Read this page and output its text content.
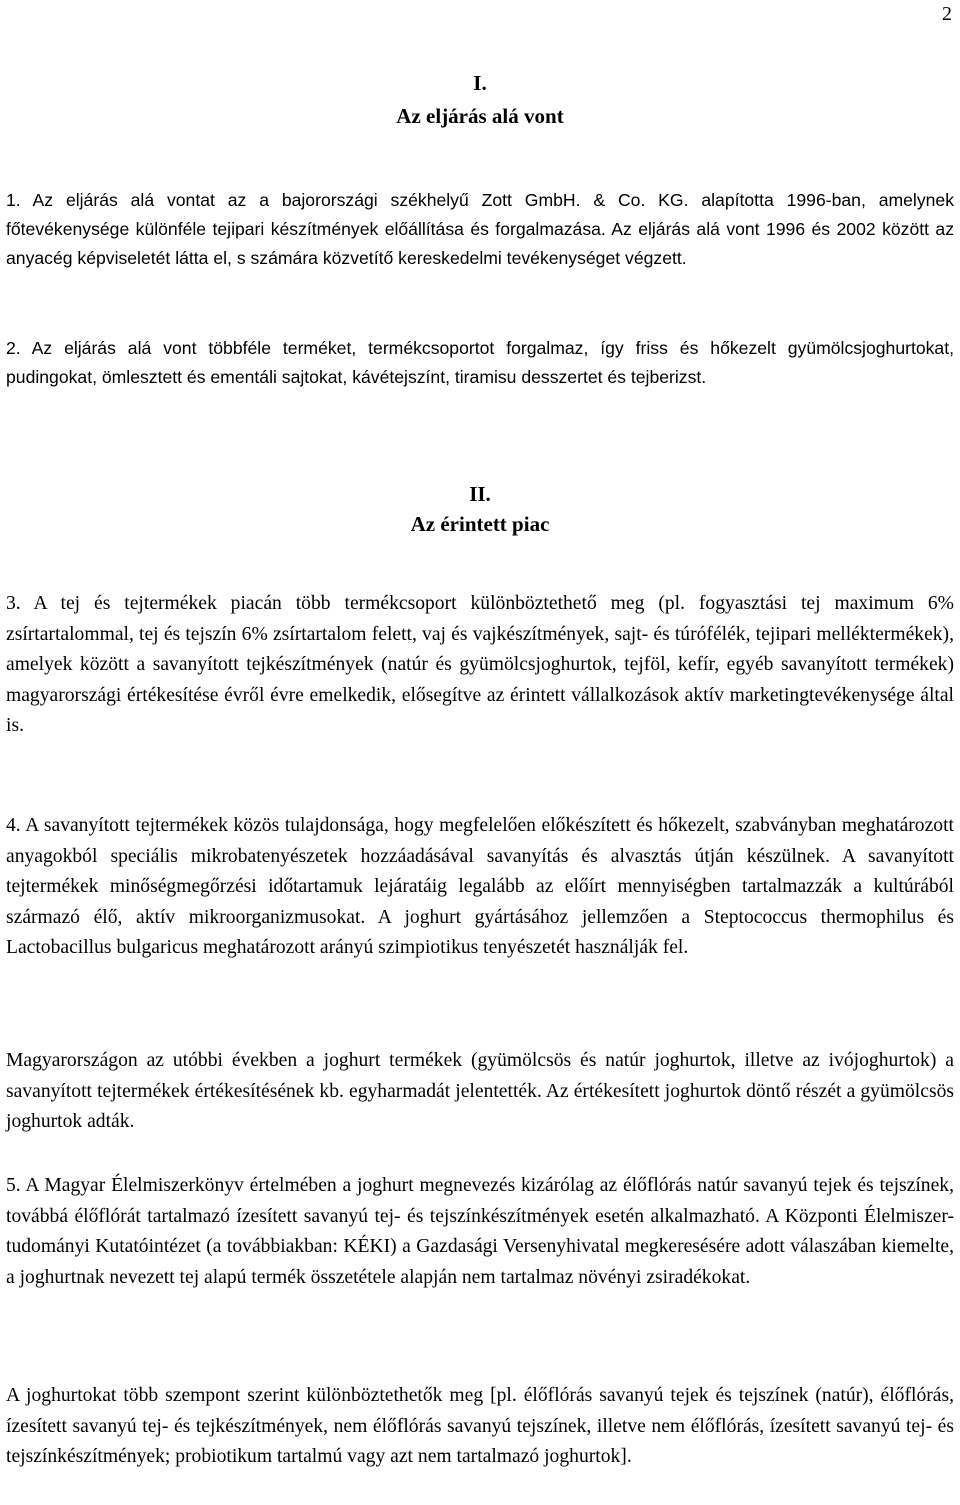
2
I.
Az eljárás alá vont

1. Az eljárás alá vontat az a bajorországi székhelyű Zott GmbH. & Co. KG. alapította 1996-ban, amelynek főtevékenysége különféle tejipari készítmények előállítása és forgalmazása. Az eljárás alá vont 1996 és 2002 között az anyacég képviseletét látta el, s számára közvetítő kereskedelmi tevékenységet végzett.

2. Az eljárás alá vont többféle terméket, termékcsoportot forgalmaz, így friss és hőkezelt gyümölcsjoghurtokat, pudingokat, ömlesztett és ementáli sajtokat, kávétejszínt, tiramisu desszertet és tejberizst.

II.
Az érintett piac

3. A tej és tejtermékek piacán több termékcsoport különböztethető meg (pl. fogyasztási tej maximum 6% zsírtartalommal, tej és tejszín 6% zsírtartalom felett, vaj és vajkészítmények, sajt- és túrófélék, tejipari melléktermékek), amelyek között a savanyított tejkészítmények (natúr és gyümölcsjoghurtok, tejföl, kefír, egyéb savanyított termékek) magyarországi értékesítése évről évre emelkedik, elősegítve az érintett vállalkozások aktív marketingtevékenysége által is.

4. A savanyított tejtermékek közös tulajdonsága, hogy megfelelően előkészített és hőkezelt, szabványban meghatározott anyagokból speciális mikrobatenyészetek hozzáadásával savanyítás és alvasztás útján készülnek. A savanyított tejtermékek minőségmegőrzési időtartamuk lejáratáig legalább az előírt mennyiségben tartalmazzák a kultúrából származó élő, aktív mikroorganizmusokat. A joghurt gyártásához jellemzően a Steptococcus thermophilus és Lactobacillus bulgaricus meghatározott arányú szimpiotikus tenyészetét használják fel.

Magyarországon az utóbbi években a joghurt termékek (gyümölcsös és natúr joghurtok, illetve az ivójoghurtok) a savanyított tejtermékek értékesítésének kb. egyharmadát jelentették. Az értékesített joghurtok döntő részét a gyümölcsös joghurtok adták.

5. A Magyar Élelmiszerkönyv értelmében a joghurt megnevezés kizárólag az élőflórás natúr savanyú tejek és tejszínek, továbbá élőflórát tartalmazó ízesített savanyú tej- és tejszínkészítmények esetén alkalmazható. A Központi Élelmiszer-tudományi Kutatóintézet (a továbbiakban: KÉKI) a Gazdasági Versenyhivatal megkeresésére adott válaszában kiemelte, a joghurtnak nevezett tej alapú termék összetétele alapján nem tartalmaz növényi zsiradékokat.

A joghurtokat több szempont szerint különböztethetők meg [pl. élőflórás savanyú tejek és tejszínek (natúr), élőflórás, ízesített savanyú tej- és tejkészítmények, nem élőflórás savanyú tejszínek, illetve nem élőflórás, ízesített savanyú tej- és tejszínkészítmények; probiotikum tartalmú vagy azt nem tartalmazó joghurtok].
